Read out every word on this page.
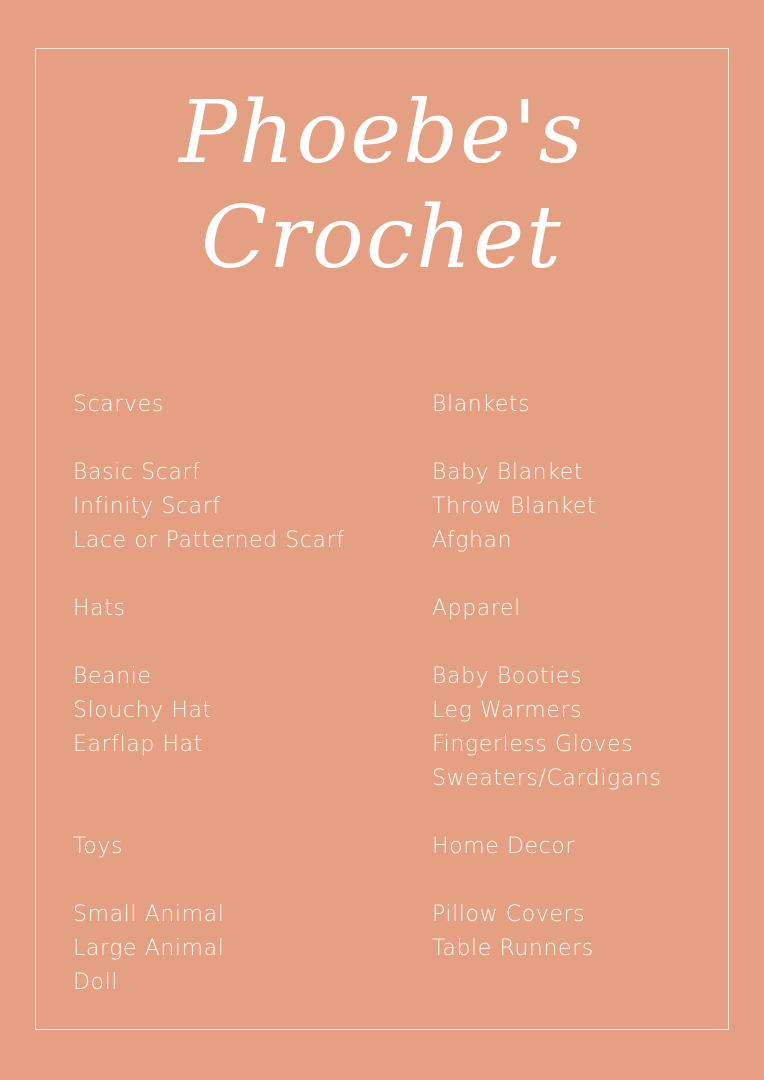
Phoebe's
Crochet
Scarves
Basic Scarf
Infinity Scarf
Lace or Patterned Scarf
Hats
Beanie
Slouchy Hat
Earflap Hat
Toys
Small Animal
Large Animal
Doll
Blankets
Baby Blanket
Throw Blanket
Afghan
Apparel
Baby Booties
Leg Warmers
Fingerless Gloves
Sweaters/Cardigans
Home Decor
Pillow Covers
Table Runners
